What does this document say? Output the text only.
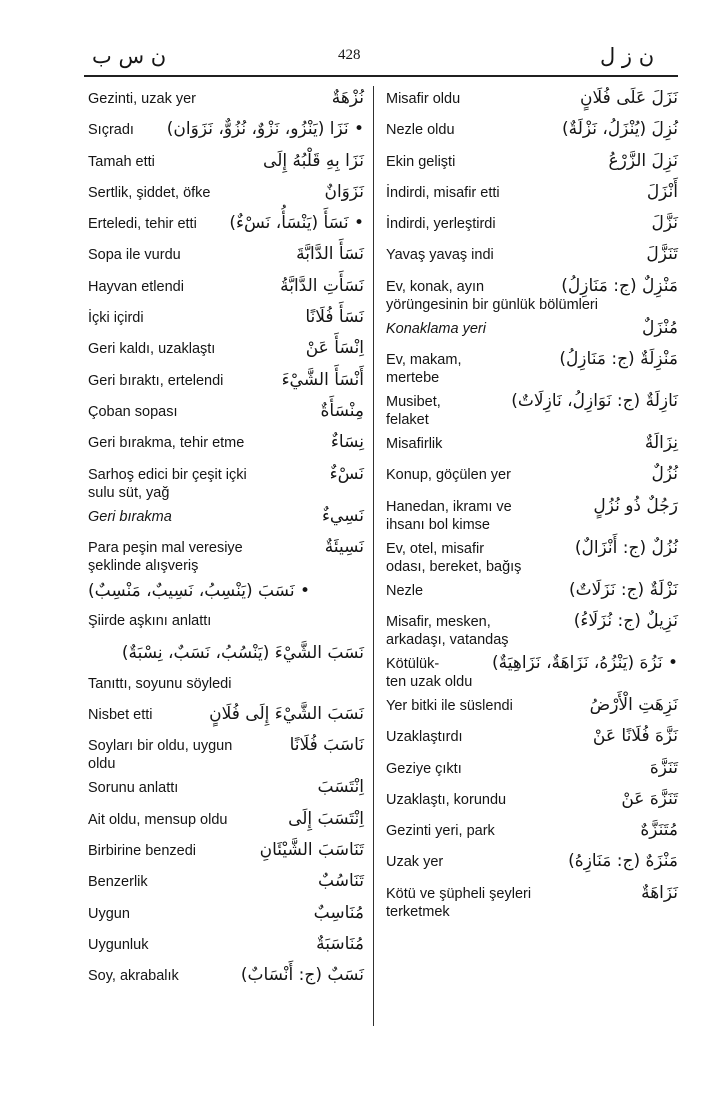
ن س ب	428	ن ز ل
نُزْهَةٌ
Gezinti, uzak yer
• نَزَا (يَنْزُو، نَزْوٌ، نُزُوٌّ، نَزَوَان)
Sıçradı
نَزَا بِهِ قَلْبُهُ إِلَى
Tamah etti
نَزَوَانٌ
Sertlik, şiddet, öfke
• نَسَأَ (يَنْسَأُ، نَسْءٌ)
Erteledi, tehir etti
نَسَأَ الدَّابَّةَ
Sopa ile vurdu
نَسَأَتِ الدَّابَّةُ
Hayvan etlendi
نَسَأَ فُلَانًا
İçki içirdi
اِنْسَأَ عَنْ
Geri kaldı, uzaklaştı
أَنْسَأَ الشَّيْءَ
Geri bıraktı, ertelendi
مِنْسَأَةٌ
Çoban sopası
نِسَاءٌ
Geri bırakma, tehir etme
نَسْءٌ
Sarhoş edici bir çeşit içki
sulu süt, yağ
نَسِيءٌ
Geri bırakma
نَسِيئَةٌ
Para peşin mal veresiye
şeklinde alışveriş
• نَسَبَ (يَنْسِبُ، نَسِيبٌ، مَنْسِبٌ)
Şiirde aşkını anlattı
نَسَبَ الشَّيْءَ (يَنْسُبُ، نَسَبٌ، نِسْبَةٌ)
Tanıttı, soyunu söyledi
نَسَبَ الشَّيْءَ إِلَى فُلَانٍ
Nisbet etti
نَاسَبَ فُلَانًا
Soyları bir oldu, uygun
oldu
اِنْتَسَبَ
Sorunu anlattı
اِنْتَسَبَ إِلَى
Ait oldu, mensup oldu
تَنَاسَبَ الشَّيْئَانِ
Birbirine benzedi
تَنَاسُبٌ
Benzerlik
مُنَاسِبٌ
Uygun
مُنَاسَبَةٌ
Uygunluk
نَسَبٌ (ج: أَنْسَابٌ)
Soy, akrabalık
نَزَلَ عَلَى فُلَانٍ
Misafir oldu
نُزِلَ (يُنْزَلُ، نَزْلَةٌ)
Nezle oldu
نَزِلَ الزَّرْعُ
Ekin gelişti
أَنْزَلَ
İndirdi, misafir etti
نَزَّلَ
İndirdi, yerleştirdi
تَنَزَّلَ
Yavaş yavaş indi
مَنْزِلٌ (ج: مَنَازِلُ)
Ev, konak, ayın
yörüngesinin bir günlük bölümleri
مُنْزَلٌ
Konaklama yeri
مَنْزِلَةٌ (ج: مَنَازِلُ)
Ev, makam,
mertebe
نَازِلَةٌ (ج: نَوَازِلُ، نَازِلَاتٌ)
Musibet,
felaket
نِزَالَةٌ
Misafirlik
نُزُلٌ
Konup, göçülen yer
رَجُلٌ ذُو نُزُلٍ
Hanedan, ikramı ve
ihsanı bol kimse
نُزُلٌ (ج: أَنْزَالٌ)
Ev, otel, misafir
odası, bereket, bağış
نَزْلَةٌ (ج: نَزَلَاتٌ)
Nezle
نَزِيلٌ (ج: نُزَلَاءُ)
Misafir, mesken,
arkadaşı, vatandaş
• نَزُهَ (يَنْزُهُ، نَزَاهَةٌ، نَزَاهِيَةٌ)
Kötülük-
ten uzak oldu
نَزِهَتِ الْأَرْضُ
Yer bitki ile süslendi
نَزَّهَ فُلَانًا عَنْ
Uzaklaştırdı
تَنَزَّهَ
Geziye çıktı
تَنَزَّهَ عَنْ
Uzaklaştı, korundu
مُتَنَزَّهٌ
Gezinti yeri, park
مَنْزَهٌ (ج: مَنَازِهُ)
Uzak yer
نَزَاهَةٌ
Kötü ve şüpheli şeyleri
terketmek
